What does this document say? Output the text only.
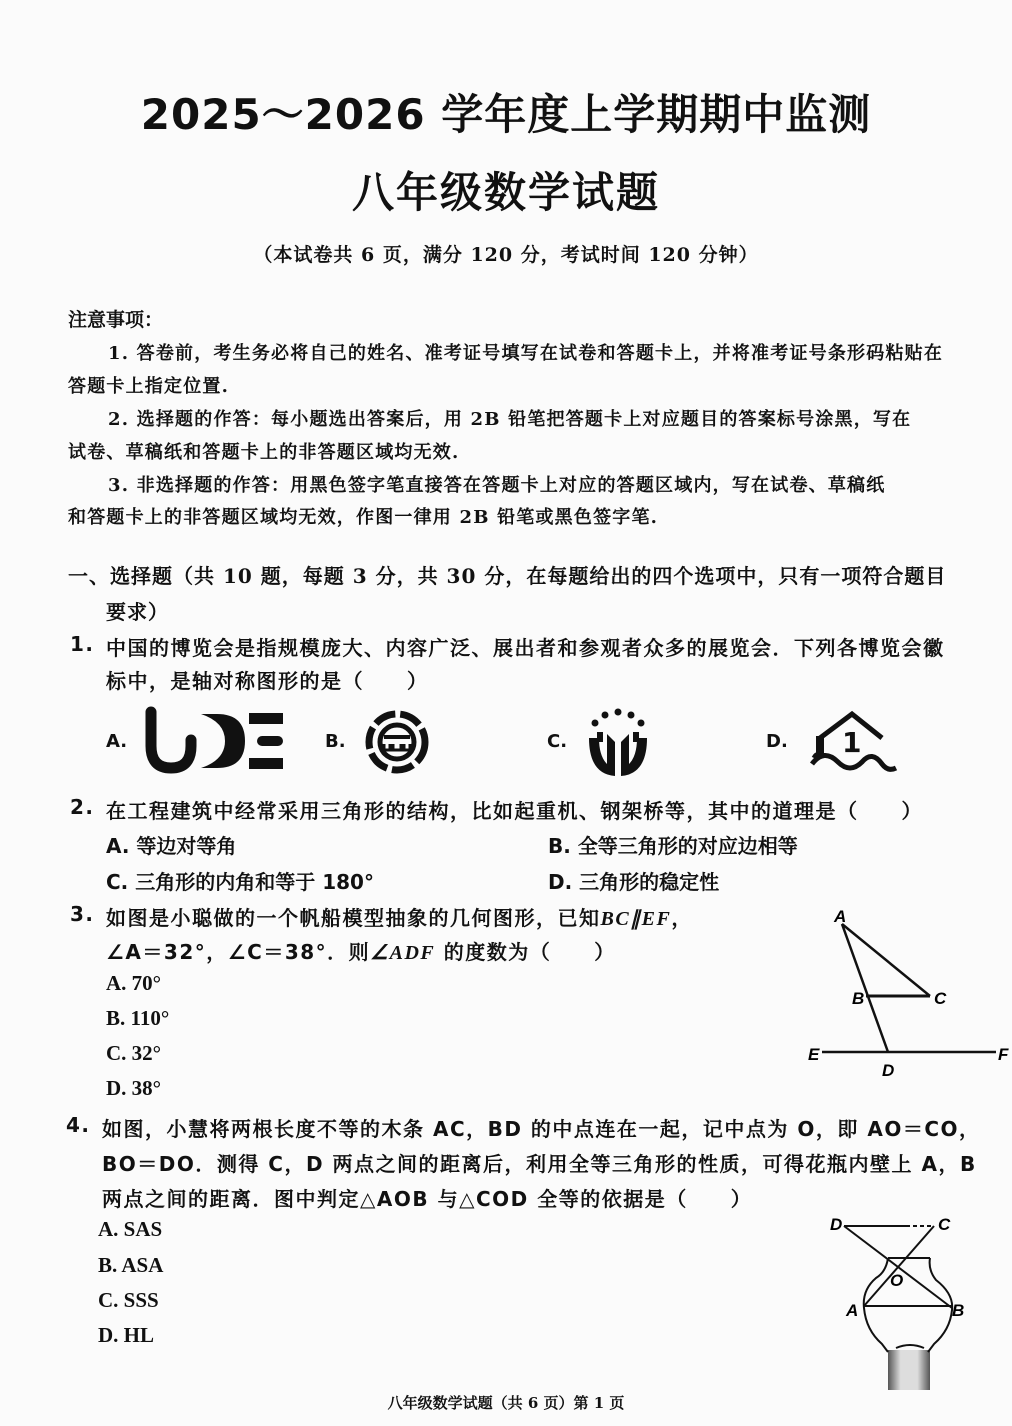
2025～2026 学年度上学期期中监测
八年级数学试题
（本试卷共 6 页，满分 120 分，考试时间 120 分钟）
注意事项：
1. 答卷前，考生务必将自己的姓名、准考证号填写在试卷和答题卡上，并将准考证号条形码粘贴在
答题卡上指定位置.
2. 选择题的作答：每小题选出答案后，用 2B 铅笔把答题卡上对应题目的答案标号涂黑，写在
试卷、草稿纸和答题卡上的非答题区域均无效.
3. 非选择题的作答：用黑色签字笔直接答在答题卡上对应的答题区域内，写在试卷、草稿纸
和答题卡上的非答题区域均无效，作图一律用 2B 铅笔或黑色签字笔.
一、选择题（共 10 题，每题 3 分，共 30 分，在每题给出的四个选项中，只有一项符合题目
要求）
1. 中国的博览会是指规模庞大、内容广泛、展出者和参观者众多的展览会．下列各博览会徽
标中，是轴对称图形的是（　　）
A.	B.	C.	D. 1
2. 在工程建筑中经常采用三角形的结构，比如起重机、钢架桥等，其中的道理是（　　）
A. 等边对等角	B. 全等三角形的对应边相等
C. 三角形的内角和等于 180°	D. 三角形的稳定性
3. 如图是小聪做的一个帆船模型抽象的几何图形，已知BC∥EF，
∠A＝32°，∠C＝38°．则∠ADF 的度数为（　　）
A. 70°
B. 110°
C. 32°
D. 38°
A
B	C
D
E	F
4. 如图，小慧将两根长度不等的木条 AC，BD 的中点连在一起，记中点为 O，即 AO＝CO，
BO＝DO．测得 C，D 两点之间的距离后，利用全等三角形的性质，可得花瓶内壁上 A，B
两点之间的距离．图中判定△AOB 与△COD 全等的依据是（　　）
A. SAS
B. ASA
C. SSS
D. HL
D	C
O
A	B
八年级数学试题（共 6 页）第 1 页
